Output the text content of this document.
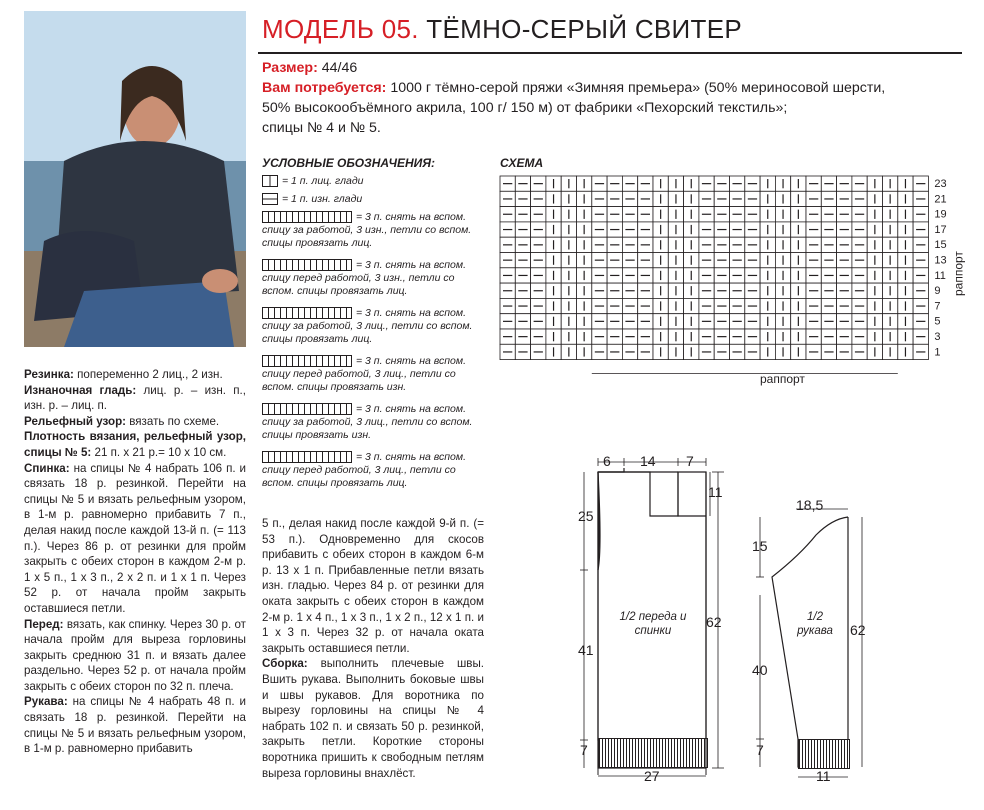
МОДЕЛЬ 05. ТЁМНО-СЕРЫЙ СВИТЕР
Размер: 44/46
Вам потребуется: 1000 г тёмно-серой пряжи «Зимняя премьера» (50% мериносовой шерсти,
50% высокообъёмного акрила, 100 г/ 150 м) от фабрики «Пехорский текстиль»;
спицы № 4 и № 5.
Резинка: попеременно 2 лиц., 2 изн.
Изнаночная гладь: лиц. р. – изн. п., изн. р. – лиц. п.
Рельефный узор: вязать по схеме.
Плотность вязания, рельефный узор, спицы № 5: 21 п. х 21 р.= 10 х 10 см.
Спинка: на спицы № 4 набрать 106 п. и связать 18 р. резинкой. Перейти на спицы № 5 и вязать рельефным узором, в 1-м р. равномерно прибавить 7 п., делая накид после каждой 13-й п. (= 113 п.). Через 86 р. от резинки для пройм закрыть с обеих сторон в каждом 2-м р. 1 х 5 п., 1 х 3 п., 2 х 2 п. и 1 х 1 п. Через 52 р. от начала пройм закрыть оставшиеся петли.
Перед: вязать, как спинку. Через 30 р. от начала пройм для выреза горловины закрыть среднюю 31 п. и вязать далее раздельно. Через 52 р. от начала пройм закрыть с обеих сторон по 32 п. плеча.
Рукава: на спицы № 4 набрать 48 п. и связать 18 р. резинкой. Перейти на спицы № 5 и вязать рельефным узором, в 1-м р. равномерно прибавить
УСЛОВНЫЕ ОБОЗНАЧЕНИЯ:
= 1 п. лиц. глади
= 1 п. изн. глади
= 3 п. снять на вспом. спицу за работой, 3 изн., петли со вспом. спицы провязать лиц.
= 3 п. снять на вспом. спицу перед работой, 3 изн., петли со вспом. спицы провязать лиц.
= 3 п. снять на вспом. спицу за работой, 3 лиц., петли со вспом. спицы провязать лиц.
= 3 п. снять на вспом. спицу перед работой, 3 лиц., петли со вспом. спицы провязать изн.
= 3 п. снять на вспом. спицу за работой, 3 лиц., петли со вспом. спицы провязать изн.
= 3 п. снять на вспом. спицу перед работой, 3 лиц., петли со вспом. спицы провязать лиц.
5 п., делая накид после каждой 9-й п. (= 53 п.). Одновременно для скосов прибавить с обеих сторон в каждом 6-м р. 13 х 1 п. Прибавленные петли вязать изн. гладью. Через 84 р. от резинки для оката закрыть с обеих сторон в каждом 2-м р. 1 х 4 п., 1 х 3 п., 1 х 2 п., 12 х 1 п. и 1 х 3 п. Через 32 р. от начала оката закрыть оставшиеся петли.
Сборка: выполнить плечевые швы. Вшить рукава. Выполнить боковые швы и швы рукавов. Для воротника по вырезу горловины на спицы № 4 набрать 102 п. и связать 50 р. резинкой, закрыть петли. Короткие стороны воротника пришить к свободным петлям выреза горловины внахлёст.
СХЕМА
23
21
19
17
15
13
11
9
7
5
3
1
раппорт
раппорт
6 14 7
11
25
41
7
27
62
1/2 переда и спинки
18,5
15
40
7
11
62
1/2 рукава
